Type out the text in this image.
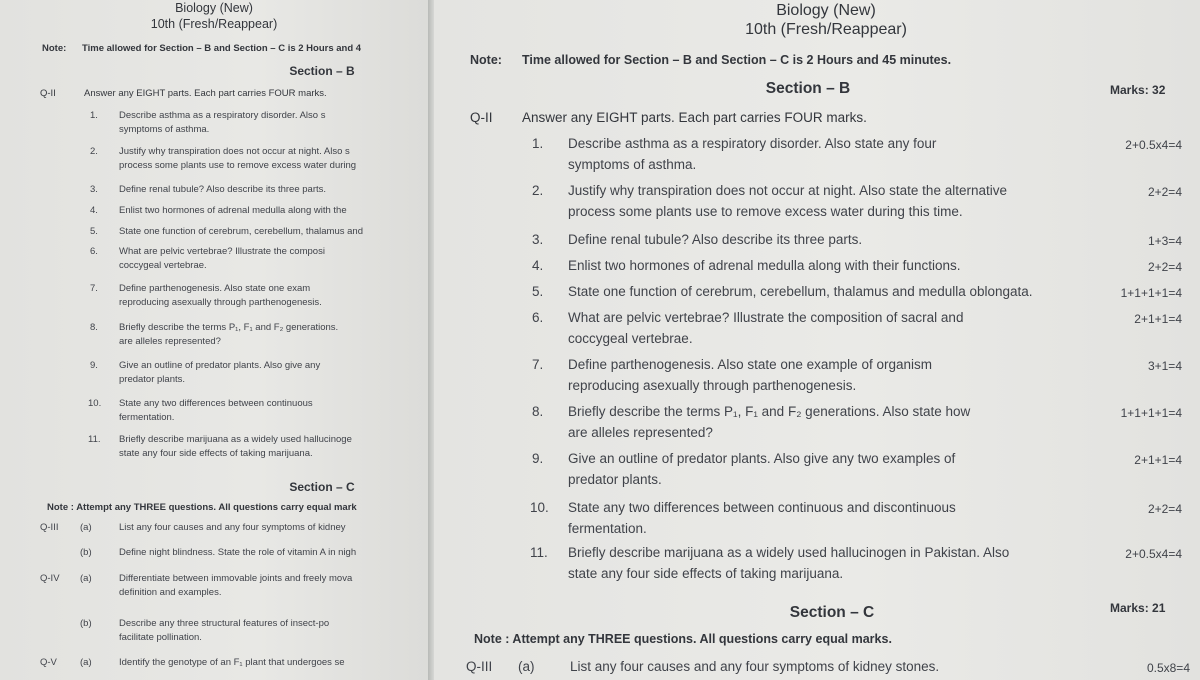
Biology (New)
10th (Fresh/Reappear)
Note: Time allowed for Section – B and Section – C is 2 Hours and 4
Section – B
Q-II	Answer any EIGHT parts. Each part carries FOUR marks.
1. Describe asthma as a respiratory disorder. Also s
symptoms of asthma.
2. Justify why transpiration does not occur at night. Also s
process some plants use to remove excess water during
3. Define renal tubule? Also describe its three parts.
4. Enlist two hormones of adrenal medulla along with the
5. State one function of cerebrum, cerebellum, thalamus and
6. What are pelvic vertebrae? Illustrate the composi
coccygeal vertebrae.
7. Define parthenogenesis. Also state one exam
reproducing asexually through parthenogenesis.
8. Briefly describe the terms P₁, F₁ and F₂ generations.
are alleles represented?
9. Give an outline of predator plants. Also give any
predator plants.
10. State any two differences between continuous
fermentation.
11. Briefly describe marijuana as a widely used hallucinoge
state any four side effects of taking marijuana.
Section – C
Note : Attempt any THREE questions. All questions carry equal mark
Q-III (a)	List any four causes and any four symptoms of kidney
(b)	Define night blindness. State the role of vitamin A in nigh
Q-IV (a)	Differentiate between immovable joints and freely mova
definition and examples.
(b)	Describe any three structural features of insect-po
facilitate pollination.
Q-V (a)	Identify the genotype of an F₁ plant that undergoes se
Biology (New)
10th (Fresh/Reappear)
Note: Time allowed for Section – B and Section – C is 2 Hours and 45 minutes.
Section – B	Marks: 32
Q-II Answer any EIGHT parts. Each part carries FOUR marks.
1. Describe asthma as a respiratory disorder. Also state any four
symptoms of asthma.
2+0.5x4=4
2. Justify why transpiration does not occur at night. Also state the alternative
process some plants use to remove excess water during this time.
2+2=4
3. Define renal tubule? Also describe its three parts.	1+3=4
4. Enlist two hormones of adrenal medulla along with their functions.	2+2=4
5. State one function of cerebrum, cerebellum, thalamus and medulla oblongata.	1+1+1+1=4
6. What are pelvic vertebrae? Illustrate the composition of sacral and
coccygeal vertebrae.
2+1+1=4
7. Define parthenogenesis. Also state one example of organism
reproducing asexually through parthenogenesis.
3+1=4
8. Briefly describe the terms P₁, F₁ and F₂ generations. Also state how
are alleles represented?
1+1+1+1=4
9. Give an outline of predator plants. Also give any two examples of
predator plants.
2+1+1=4
10. State any two differences between continuous and discontinuous
fermentation.
2+2=4
11. Briefly describe marijuana as a widely used hallucinogen in Pakistan. Also
state any four side effects of taking marijuana.
2+0.5x4=4
Section – C	Marks: 21
Note : Attempt any THREE questions. All questions carry equal marks.
Q-III (a)	List any four causes and any four symptoms of kidney stones.	0.5x8=4
